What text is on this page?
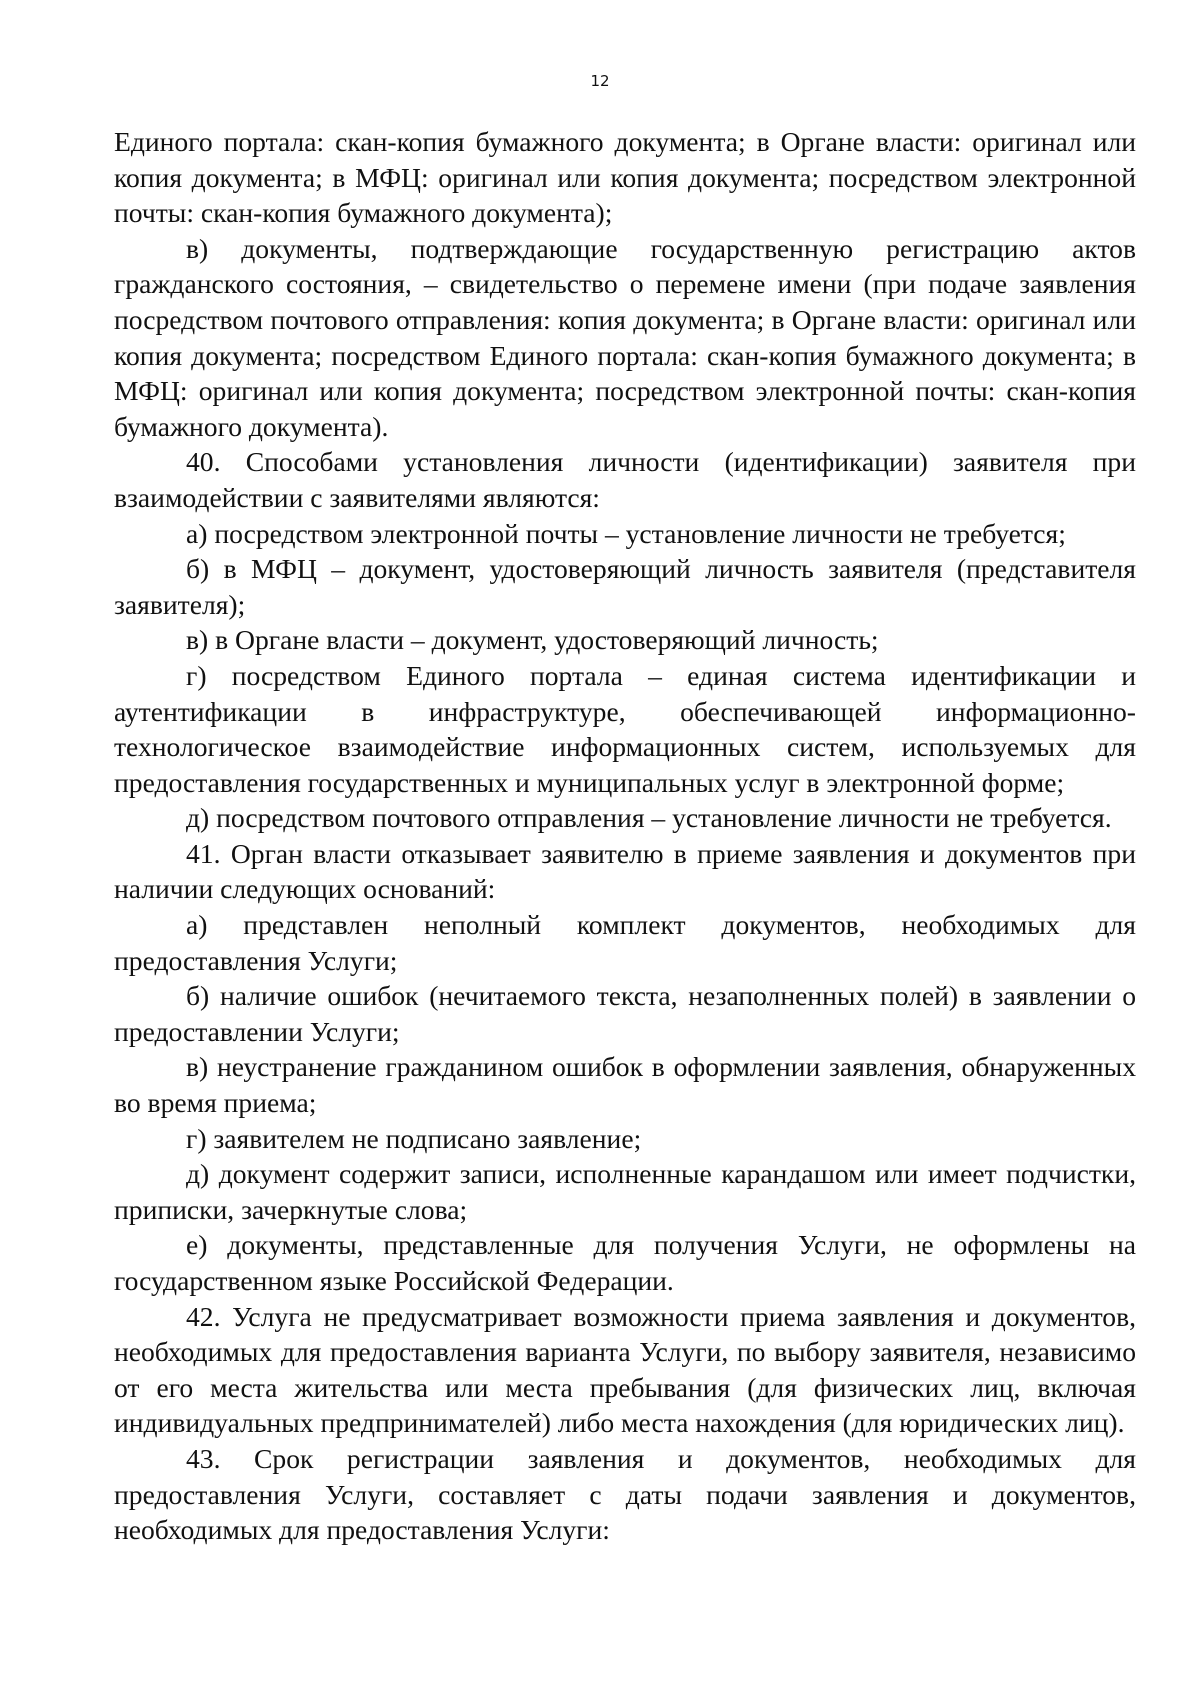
12

Единого портала: скан-копия бумажного документа; в Органе власти: оригинал или копия документа; в МФЦ: оригинал или копия документа; посредством электронной почты: скан-копия бумажного документа);

в) документы, подтверждающие государственную регистрацию актов гражданского состояния, – свидетельство о перемене имени (при подаче заявления посредством почтового отправления: копия документа; в Органе власти: оригинал или копия документа; посредством Единого портала: скан-копия бумажного документа; в МФЦ: оригинал или копия документа; посредством электронной почты: скан-копия бумажного документа).

40. Способами установления личности (идентификации) заявителя при взаимодействии с заявителями являются:

а) посредством электронной почты – установление личности не требуется;

б) в МФЦ – документ, удостоверяющий личность заявителя (представителя заявителя);

в) в Органе власти – документ, удостоверяющий личность;

г) посредством Единого портала – единая система идентификации и аутентификации в инфраструктуре, обеспечивающей информационно-технологическое взаимодействие информационных систем, используемых для предоставления государственных и муниципальных услуг в электронной форме;

д) посредством почтового отправления – установление личности не требуется.

41. Орган власти отказывает заявителю в приеме заявления и документов при наличии следующих оснований:

а) представлен неполный комплект документов, необходимых для предоставления Услуги;

б) наличие ошибок (нечитаемого текста, незаполненных полей) в заявлении о предоставлении Услуги;

в) неустранение гражданином ошибок в оформлении заявления, обнаруженных во время приема;

г) заявителем не подписано заявление;

д) документ содержит записи, исполненные карандашом или имеет подчистки, приписки, зачеркнутые слова;

е) документы, представленные для получения Услуги, не оформлены на государственном языке Российской Федерации.

42. Услуга не предусматривает возможности приема заявления и документов, необходимых для предоставления варианта Услуги, по выбору заявителя, независимо от его места жительства или места пребывания (для физических лиц, включая индивидуальных предпринимателей) либо места нахождения (для юридических лиц).

43. Срок регистрации заявления и документов, необходимых для предоставления Услуги, составляет с даты подачи заявления и документов, необходимых для предоставления Услуги:
